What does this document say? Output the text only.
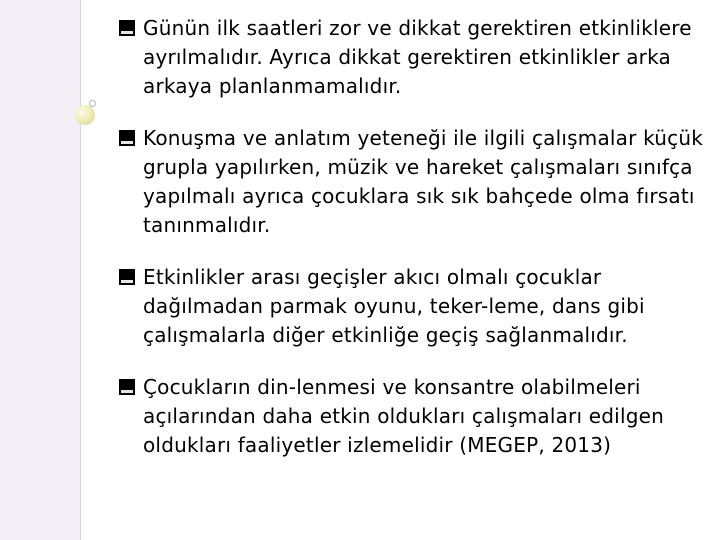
Günün ilk saatleri zor ve dikkat gerektiren etkinliklere ayrılmalıdır. Ayrıca dikkat gerektiren etkinlikler arka arkaya planlanmamalıdır.
Konuşma ve anlatım yeteneği ile ilgili çalışmalar küçük grupla yapılırken, müzik ve hareket çalışmaları sınıfça yapılmalı ayrıca çocuklara sık sık bahçede olma fırsatı tanınmalıdır.
Etkinlikler arası geçişler akıcı olmalı çocuklar dağılmadan parmak oyunu, teker-leme, dans gibi çalışmalarla diğer etkinliğe geçiş sağlanmalıdır.
Çocukların din-lenmesi ve konsantre olabilmeleri açılarından daha etkin oldukları çalışmaları edilgen oldukları faaliyetler izlemelidir (MEGEP, 2013)
